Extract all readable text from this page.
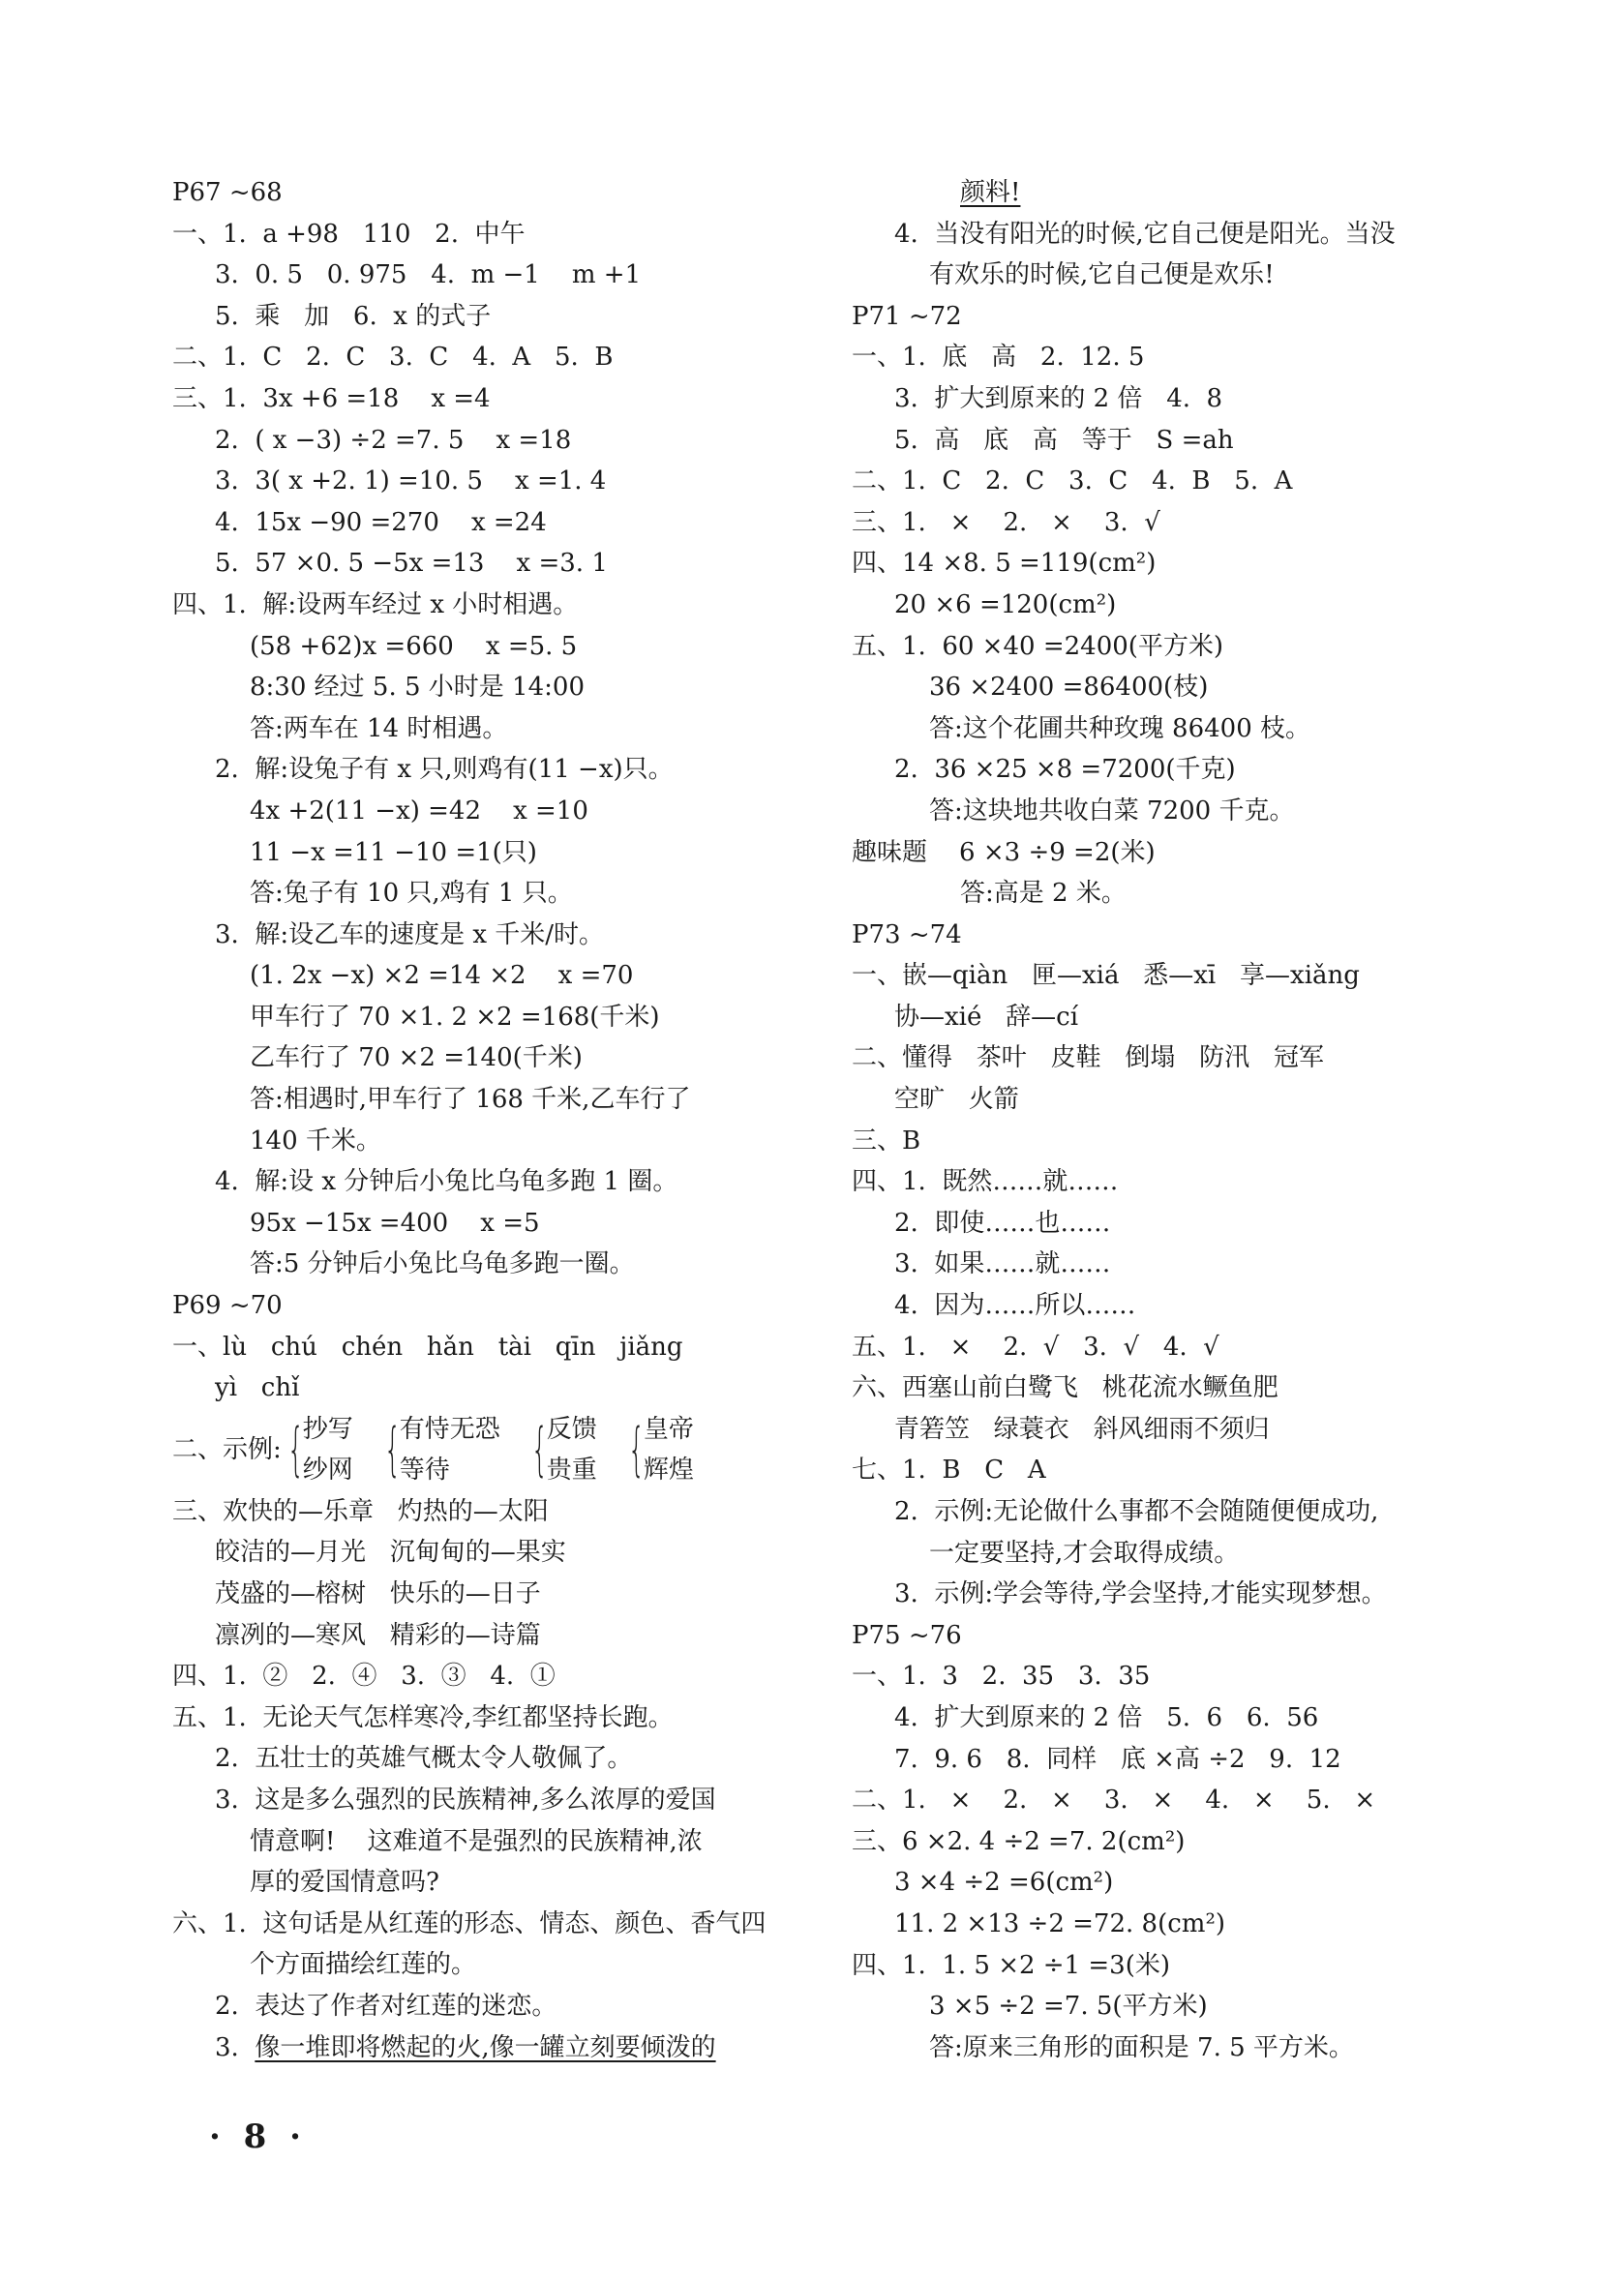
P67 ~68
一、1.  a +98   110   2.  中午
3.  0. 5   0. 975   4.  m −1    m +1
5.  乘   加   6.  x 的式子
二、1.  C   2.  C   3.  C   4.  A   5.  B
三、1.  3x +6 =18    x =4
2.  ( x −3) ÷2 =7. 5    x =18
3.  3( x +2. 1) =10. 5    x =1. 4
4.  15x −90 =270    x =24
5.  57 ×0. 5 −5x =13    x =3. 1
四、1.  解:设两车经过 x 小时相遇。
(58 +62)x =660    x =5. 5
8:30 经过 5. 5 小时是 14:00
答:两车在 14 时相遇。
2.  解:设兔子有 x 只,则鸡有(11 −x)只。
4x +2(11 −x) =42    x =10
11 −x =11 −10 =1(只)
答:兔子有 10 只,鸡有 1 只。
3.  解:设乙车的速度是 x 千米/时。
(1. 2x −x) ×2 =14 ×2    x =70
甲车行了 70 ×1. 2 ×2 =168(千米)
乙车行了 70 ×2 =140(千米)
答:相遇时,甲车行了 168 千米,乙车行了
140 千米。
4.  解:设 x 分钟后小兔比乌龟多跑 1 圈。
95x −15x =400    x =5
答:5 分钟后小兔比乌龟多跑一圈。
P69 ~70
一、lù   chú   chén   hǎn   tài   qīn   jiǎng
yì   chǐ
二、示例: {
抄写
纱网 {
有恃无恐
等待	{
反馈
贵重 {
皇帝
辉煌
三、欢快的—乐章   灼热的—太阳
皎洁的—月光   沉甸甸的—果实
茂盛的—榕树   快乐的—日子
凛冽的—寒风   精彩的—诗篇
四、1.  ②   2.  ④   3.  ③   4.  ①
五、1.  无论天气怎样寒冷,李红都坚持长跑。
2.  五壮士的英雄气概太令人敬佩了。
3.  这是多么强烈的民族精神,多么浓厚的爱国
情意啊!    这难道不是强烈的民族精神,浓
厚的爱国情意吗?
六、1.  这句话是从红莲的形态、情态、颜色、香气四
个方面描绘红莲的。
2.  表达了作者对红莲的迷恋。
3.  像一堆即将燃起的火,像一罐立刻要倾泼的
颜料!
4.  当没有阳光的时候,它自己便是阳光。当没
有欢乐的时候,它自己便是欢乐!
P71 ~72
一、1.  底   高   2.  12. 5
3.  扩大到原来的 2 倍   4.  8
5.  高   底   高   等于   S =ah
二、1.  C   2.  C   3.  C   4.  B   5.  A
三、1.   ×    2.   ×    3.  √
四、14 ×8. 5 =119(cm²)
20 ×6 =120(cm²)
五、1.  60 ×40 =2400(平方米)
36 ×2400 =86400(枝)
答:这个花圃共种玫瑰 86400 枝。
2.  36 ×25 ×8 =7200(千克)
答:这块地共收白菜 7200 千克。
趣味题    6 ×3 ÷9 =2(米)
答:高是 2 米。
P73 ~74
一、嵌—qiàn   匣—xiá   悉—xī   享—xiǎng
协—xié   辞—cí
二、懂得   茶叶   皮鞋   倒塌   防汛   冠军
空旷   火箭
三、B
四、1.  既然……就……
2.  即使……也……
3.  如果……就……
4.  因为……所以……
五、1.   ×    2.  √   3.  √   4.  √
六、西塞山前白鹭飞   桃花流水鳜鱼肥
青箬笠   绿蓑衣   斜风细雨不须归
七、1.  B   C   A
2.  示例:无论做什么事都不会随随便便成功,
一定要坚持,才会取得成绩。
3.  示例:学会等待,学会坚持,才能实现梦想。
P75 ~76
一、1.  3   2.  35   3.  35
4.  扩大到原来的 2 倍   5.  6   6.  56
7.  9. 6   8.  同样   底 ×高 ÷2   9.  12
二、1.   ×    2.   ×    3.   ×    4.   ×    5.   ×
三、6 ×2. 4 ÷2 =7. 2(cm²)
3 ×4 ÷2 =6(cm²)
11. 2 ×13 ÷2 =72. 8(cm²)
四、1.  1. 5 ×2 ÷1 =3(米)
3 ×5 ÷2 =7. 5(平方米)
答:原来三角形的面积是 7. 5 平方米。
· 8 ·
